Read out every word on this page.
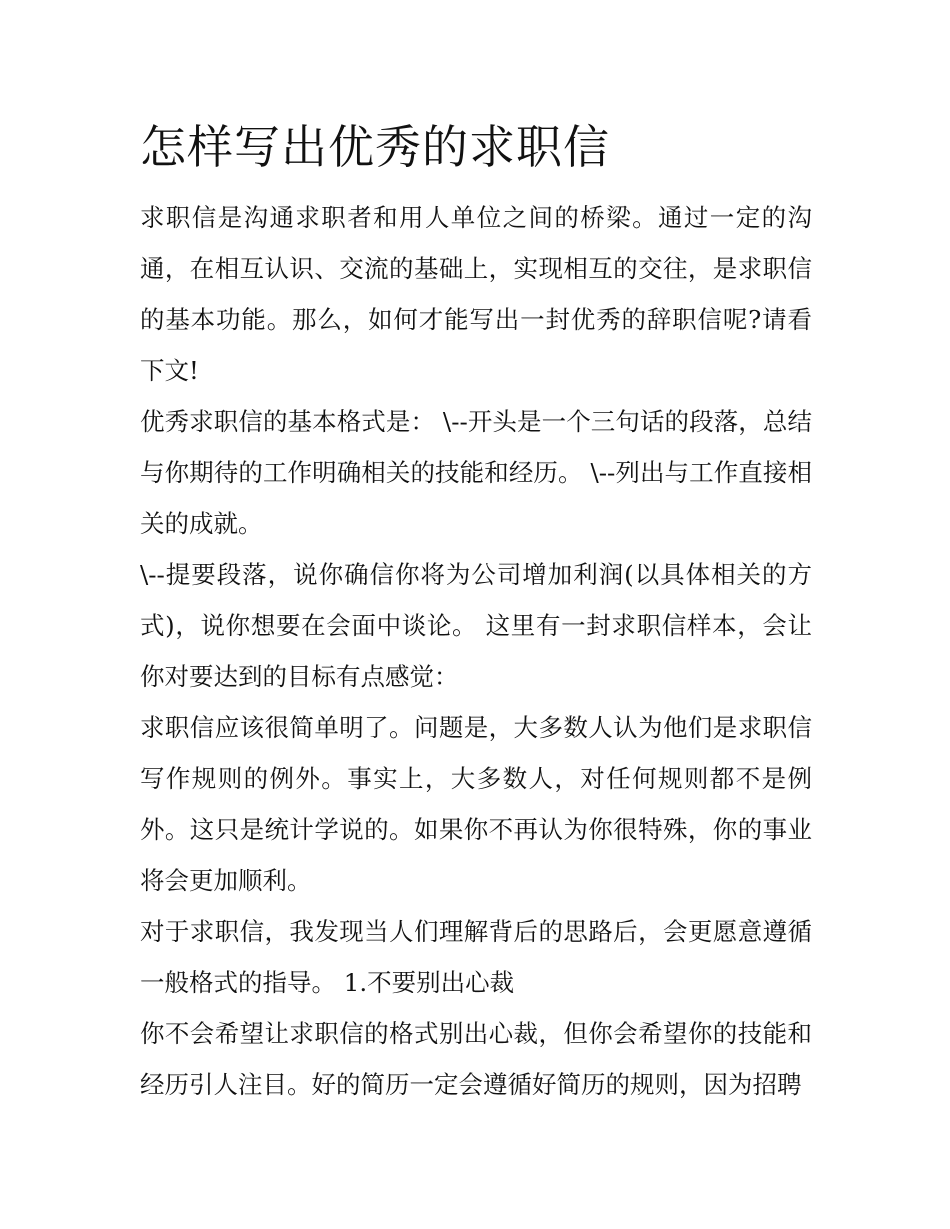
怎样写出优秀的求职信

求职信是沟通求职者和用人单位之间的桥梁。通过一定的沟通，在相互认识、交流的基础上，实现相互的交往，是求职信的基本功能。那么，如何才能写出一封优秀的辞职信呢?请看下文!

优秀求职信的基本格式是： \--开头是一个三句话的段落，总结与你期待的工作明确相关的技能和经历。 \--列出与工作直接相关的成就。

\--提要段落，说你确信你将为公司增加利润(以具体相关的方式)，说你想要在会面中谈论。 这里有一封求职信样本，会让你对要达到的目标有点感觉：

求职信应该很简单明了。问题是，大多数人认为他们是求职信写作规则的例外。事实上，大多数人，对任何规则都不是例外。这只是统计学说的。如果你不再认为你很特殊，你的事业将会更加顺利。

对于求职信，我发现当人们理解背后的思路后，会更愿意遵循一般格式的指导。 1.不要别出心裁

你不会希望让求职信的格式别出心裁，但你会希望你的技能和经历引人注目。好的简历一定会遵循好简历的规则，因为招聘
